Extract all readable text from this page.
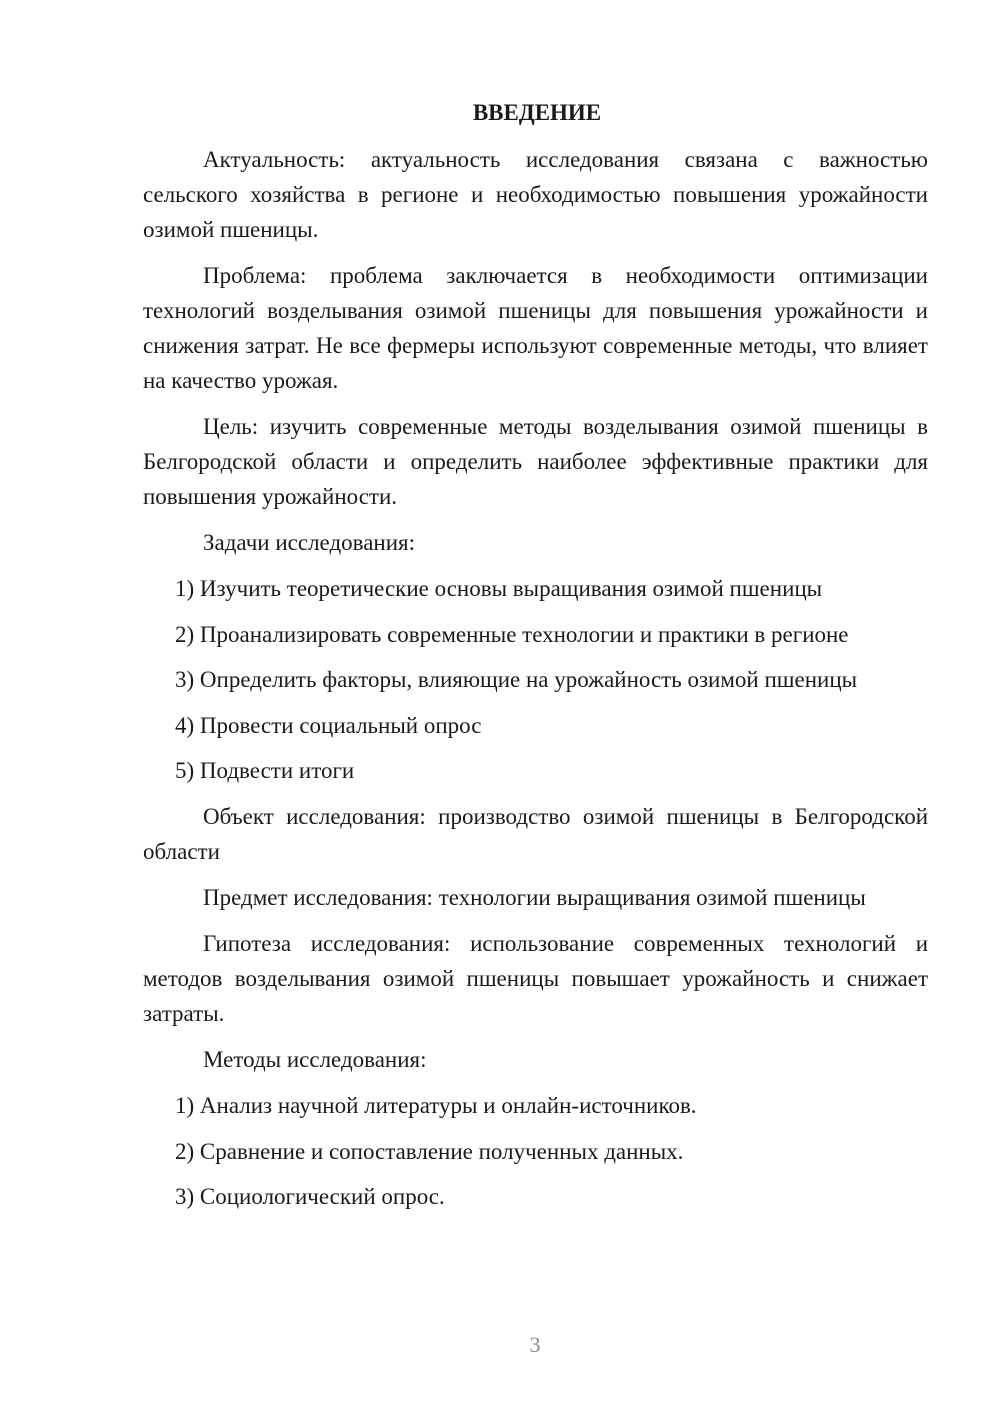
ВВЕДЕНИЕ

Актуальность: актуальность исследования связана с важностью сельского хозяйства в регионе и необходимостью повышения урожайности озимой пшеницы.

Проблема: проблема заключается в необходимости оптимизации технологий возделывания озимой пшеницы для повышения урожайности и снижения затрат. Не все фермеры используют современные методы, что влияет на качество урожая.

Цель: изучить современные методы возделывания озимой пшеницы в Белгородской области и определить наиболее эффективные практики для повышения урожайности.

Задачи исследования:

1) Изучить теоретические основы выращивания озимой пшеницы
2) Проанализировать современные технологии и практики в регионе
3) Определить факторы, влияющие на урожайность озимой пшеницы
4) Провести социальный опрос
5) Подвести итоги

Объект исследования: производство озимой пшеницы в Белгородской области

Предмет исследования: технологии выращивания озимой пшеницы

Гипотеза исследования: использование современных технологий и методов возделывания озимой пшеницы повышает урожайность и снижает затраты.

Методы исследования:

1) Анализ научной литературы и онлайн-источников.
2) Сравнение и сопоставление полученных данных.
3) Социологический опрос.
3
